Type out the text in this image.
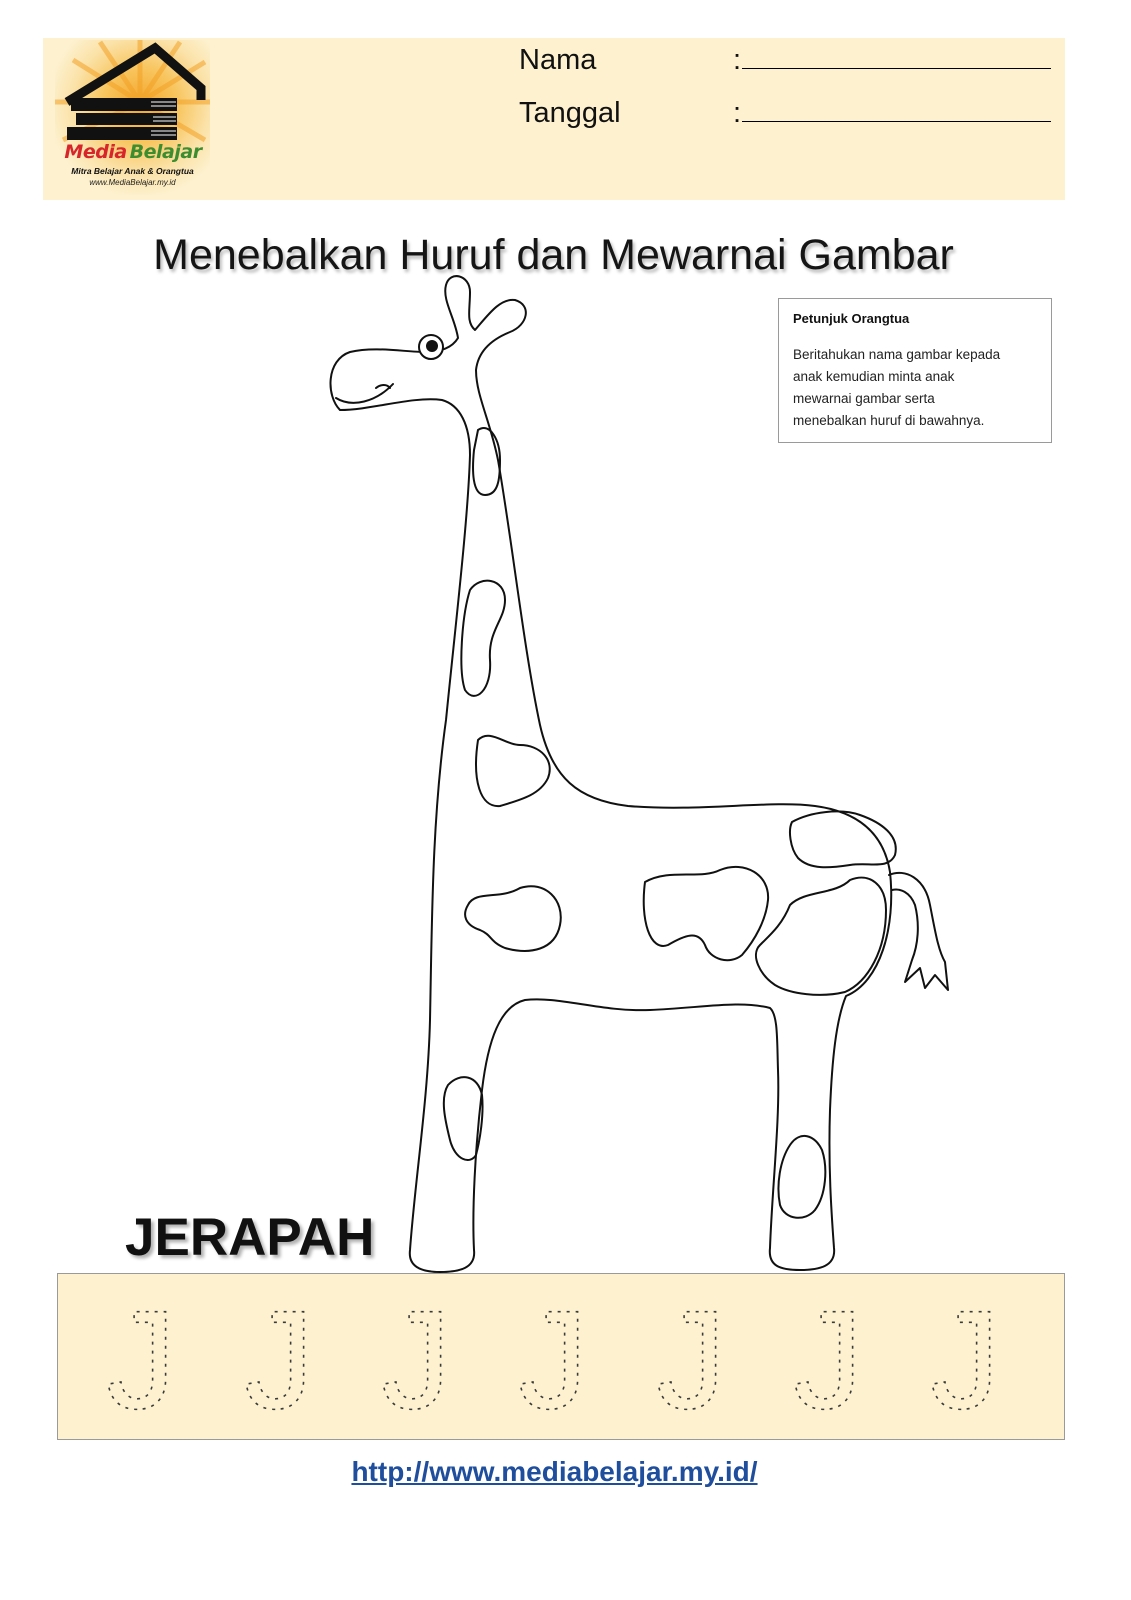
Media Belajar
Mitra Belajar Anak & Orangtua
www.MediaBelajar.my.id
Nama	:
Tanggal	:
Menebalkan Huruf dan Mewarnai Gambar
Petunjuk Orangtua
Beritahukan nama gambar kepada
anak kemudian minta anak
mewarnai gambar serta
menebalkan huruf di bawahnya.
JERAPAH
J J J J J J J
http://www.mediabelajar.my.id/
